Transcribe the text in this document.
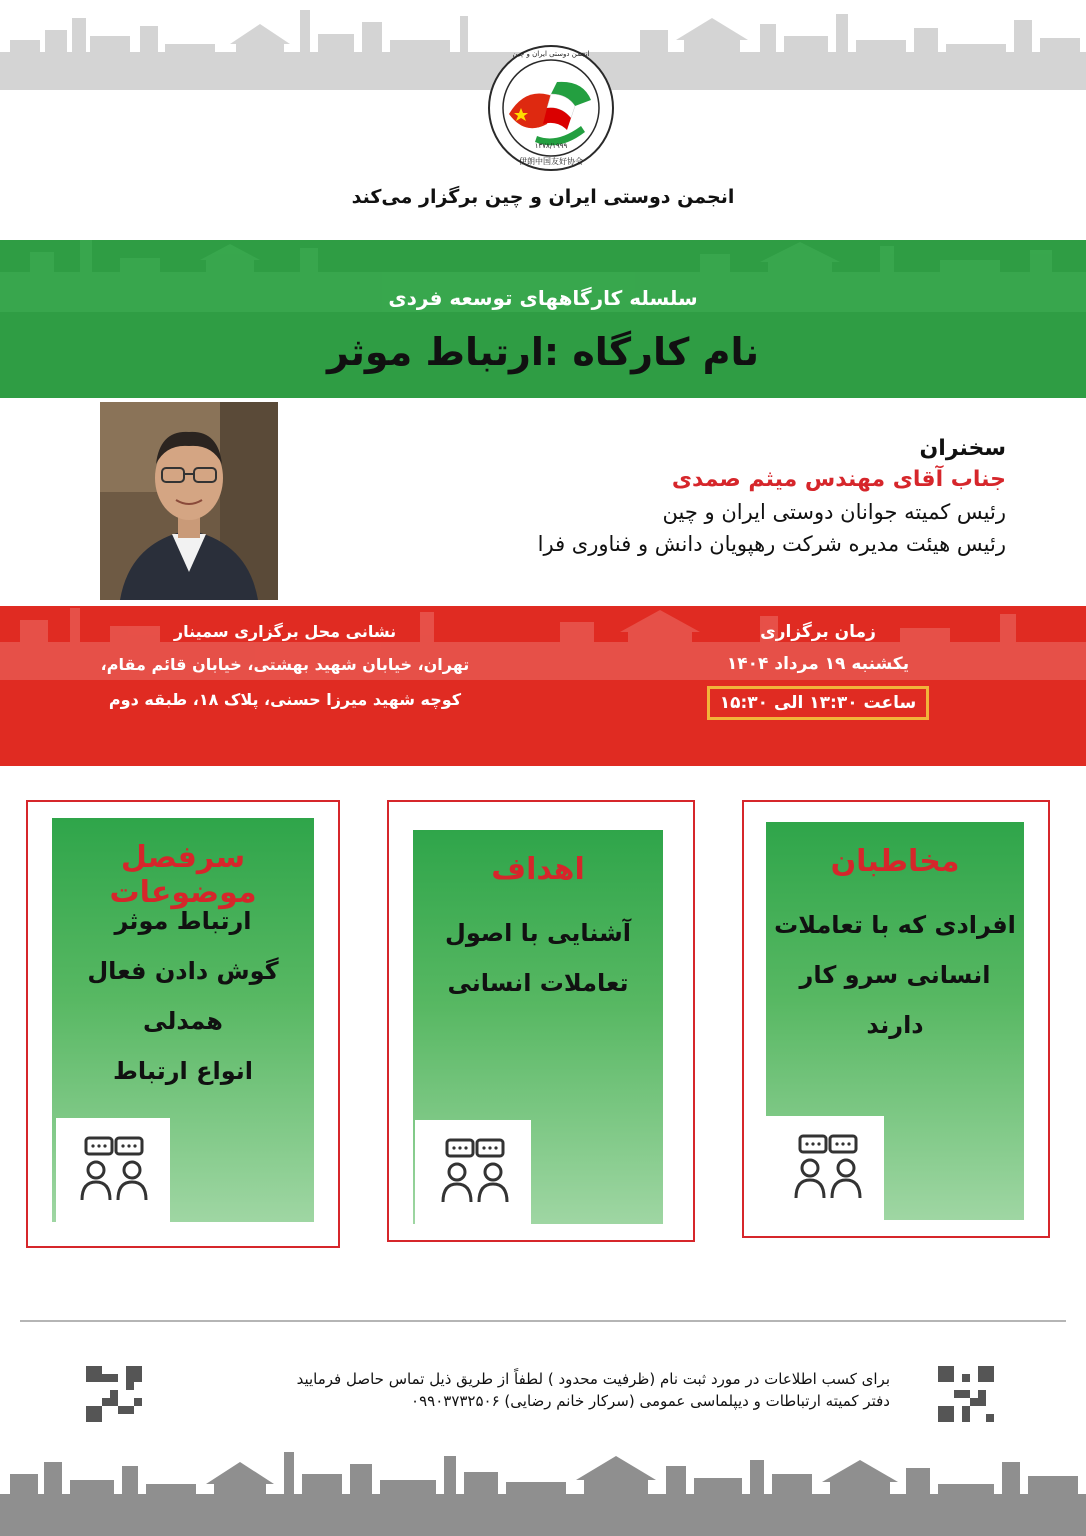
انجمن دوستی ایران و چین
۱۳۷۸/۱۹۹۹
伊朗中国友好协会
انجمن دوستی ایران و چین برگزار می‌کند
سلسله کارگاههای توسعه فردی
نام کارگاه :ارتباط موثر
سخنران
جناب آقای مهندس میثم صمدی
رئیس کمیته جوانان دوستی ایران و چین
رئیس هیئت مدیره شرکت رهپویان دانش و فناوری فرا
زمان برگزاری
یکشنبه ۱۹ مرداد ۱۴۰۴
ساعت ۱۳:۳۰ الی ۱۵:۳۰
نشانی محل برگزاری سمینار
تهران، خیابان شهید بهشتی، خیابان قائم مقام،
کوچه شهید میرزا حسنی، پلاک ۱۸، طبقه دوم
مخاطبان
افرادی که با تعاملات
انسانی سرو کار
دارند
اهداف
آشنایی با اصول
تعاملات انسانی
سرفصل موضوعات
ارتباط موثر
گوش دادن فعال
همدلی
انواع ارتباط
برای کسب اطلاعات در مورد ثبت نام (ظرفیت محدود ) لطفاً از طریق ذیل تماس حاصل فرمایید
دفتر کمیته ارتباطات و دیپلماسی عمومی (سرکار خانم رضایی) ۰۹۹۰۳۷۳۲۵۰۶
